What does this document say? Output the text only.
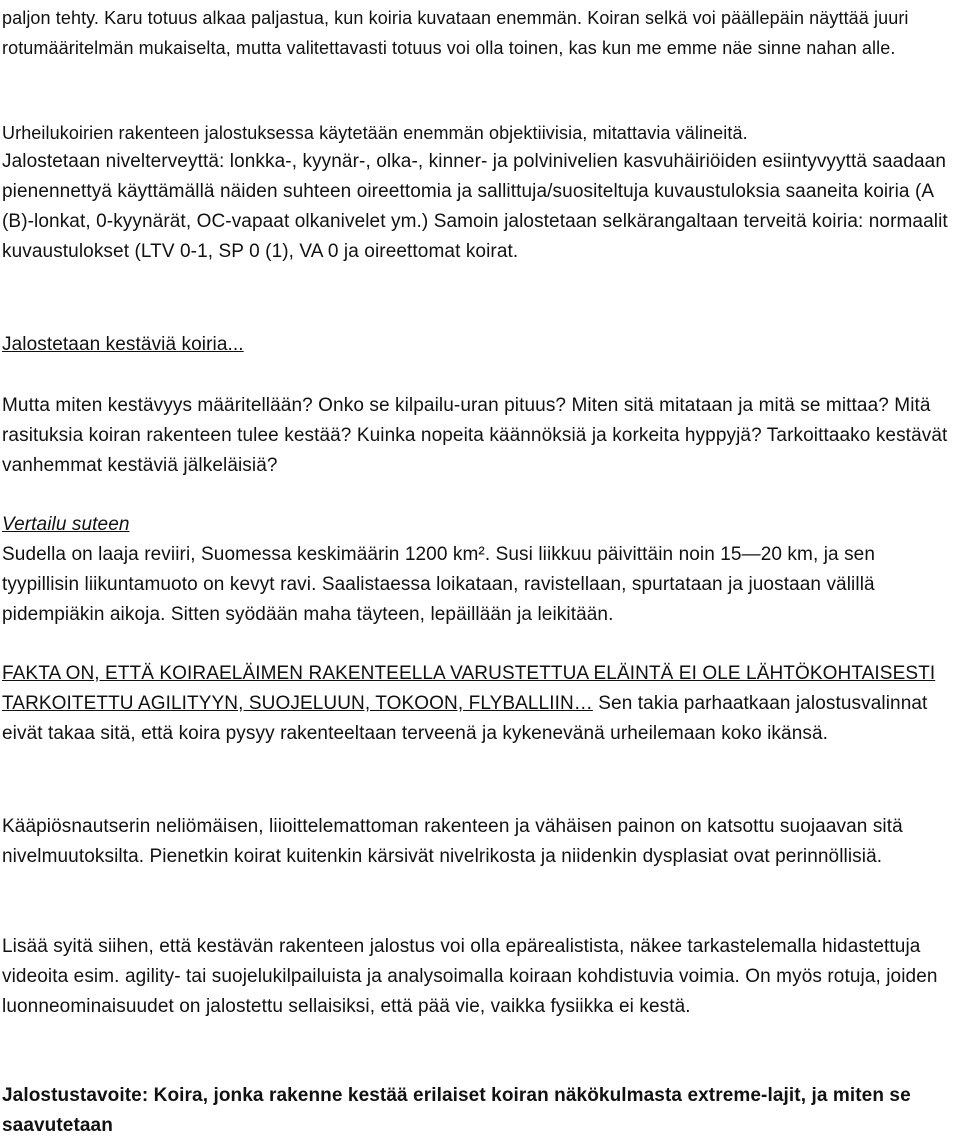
paljon tehty. Karu totuus alkaa paljastua, kun koiria kuvataan enemmän. Koiran selkä voi päällepäin näyttää juuri rotumääritelmän mukaiselta, mutta valitettavasti totuus voi olla toinen, kas kun me emme näe sinne nahan alle.
Urheilukoirien rakenteen jalostuksessa käytetään enemmän objektiivisia, mitattavia välineitä.
Jalostetaan nivelterveyttä: lonkka-, kyynär-, olka-, kinner- ja polvinivelien kasvuhäiriöiden esiintyvyyttä saadaan pienennettyä käyttämällä näiden suhteen oireettomia ja sallittuja/suositeltuja kuvaustuloksia saaneita koiria (A (B)-lonkat, 0-kyynärät, OC-vapaat olkanivelet ym.) Samoin jalostetaan selkärangaltaan terveitä koiria: normaalit kuvaustulokset (LTV 0-1, SP 0 (1), VA 0 ja oireettomat koirat.
Jalostetaan kestäviä koiria...
Mutta miten kestävyys määritellään? Onko se kilpailu-uran pituus? Miten sitä mitataan ja mitä se mittaa? Mitä rasituksia koiran rakenteen tulee kestää? Kuinka nopeita käännöksiä ja korkeita hyppyjä? Tarkoittaako kestävät vanhemmat kestäviä jälkeläisiä?
Vertailu suteen
Sudella on laaja reviiri, Suomessa keskimäärin 1200 km². Susi liikkuu päivittäin noin 15—20 km, ja sen tyypillisin liikuntamuoto on kevyt ravi. Saalistaessa loikataan, ravistellaan, spurtataan ja juostaan välillä pidempiäkin aikoja. Sitten syödään maha täyteen, lepäillään ja leikitään.
FAKTA ON, ETTÄ KOIRAELÄIMEN RAKENTEELLA VARUSTETTUA ELÄINTÄ EI OLE LÄHTÖKOHTAISESTI TARKOITETTU AGILITYYN, SUOJELUUN, TOKOON, FLYBALLIIN… Sen takia parhaatkaan jalostusvalinnat eivät takaa sitä, että koira pysyy rakenteeltaan terveenä ja kykenevänä urheilemaan koko ikänsä.
Kääpiösnautserin neliömäisen, liioittelemattoman rakenteen ja vähäisen painon on katsottu suojaavan sitä nivelmuutoksilta. Pienetkin koirat kuitenkin kärsivät nivelrikosta ja niidenkin dysplasiat ovat perinnöllisiä.
Lisää syitä siihen, että kestävän rakenteen jalostus voi olla epärealistista, näkee tarkastelemalla hidastettuja videoita esim. agility- tai suojelukilpailuista ja analysoimalla koiraan kohdistuvia voimia. On myös rotuja, joiden luonneominaisuudet on jalostettu sellaisiksi, että pää vie, vaikka fysiikka ei kestä.
Jalostustavoite: Koira, jonka rakenne kestää erilaiset koiran näkökulmasta extreme-lajit, ja miten se saavutetaan
